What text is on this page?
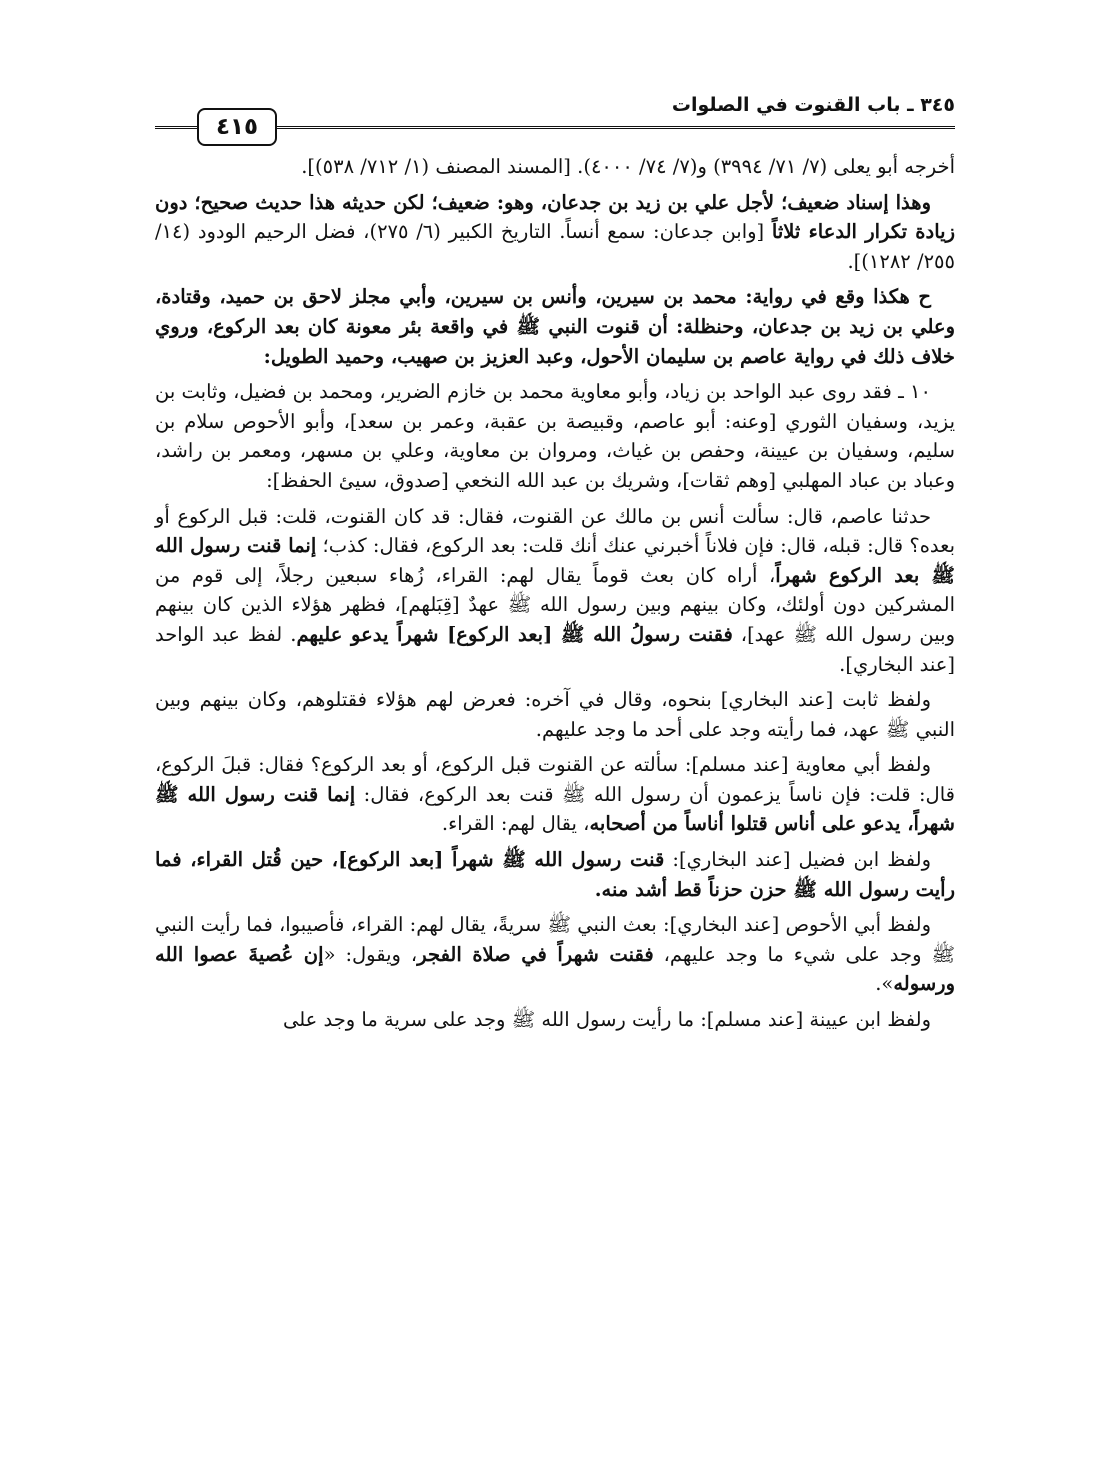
٤١٥
٣٤٥ ـ باب القنوت في الصلوات

أخرجه أبو يعلى (٧/ ٧١/ ٣٩٩٤) و(٧/ ٧٤/ ٤٠٠٠). [المسند المصنف (١/ ٧١٢/ ٥٣٨)].

وهذا إسناد ضعيف؛ لأجل علي بن زيد بن جدعان، وهو: ضعيف؛ لكن حديثه هذا حديث صحيح؛ دون زيادة تكرار الدعاء ثلاثاً [وابن جدعان: سمع أنساً. التاريخ الكبير (٦/ ٢٧٥)، فضل الرحيم الودود (١٤/ ٢٥٥/ ١٢٨٢)].

ح هكذا وقع في رواية: محمد بن سيرين، وأنس بن سيرين، وأبي مجلز لاحق بن حميد، وقتادة، وعلي بن زيد بن جدعان، وحنظلة: أن قنوت النبي ﷺ في واقعة بئر معونة كان بعد الركوع، وروي خلاف ذلك في رواية عاصم بن سليمان الأحول، وعبد العزيز بن صهيب، وحميد الطويل:

١٠ ـ فقد روى عبد الواحد بن زياد، وأبو معاوية محمد بن خازم الضرير، ومحمد بن فضيل، وثابت بن يزيد، وسفيان الثوري [وعنه: أبو عاصم، وقبيصة بن عقبة، وعمر بن سعد]، وأبو الأحوص سلام بن سليم، وسفيان بن عيينة، وحفص بن غياث، ومروان بن معاوية، وعلي بن مسهر، ومعمر بن راشد، وعباد بن عباد المهلبي [وهم ثقات]، وشريك بن عبد الله النخعي [صدوق، سيئ الحفظ]:

حدثنا عاصم، قال: سألت أنس بن مالك عن القنوت، فقال: قد كان القنوت، قلت: قبل الركوع أو بعده؟ قال: قبله، قال: فإن فلاناً أخبرني عنك أنك قلت: بعد الركوع، فقال: كذب؛ إنما قنت رسول الله ﷺ بعد الركوع شهراً، أراه كان بعث قوماً يقال لهم: القراء، زُهاء سبعين رجلاً، إلى قوم من المشركين دون أولئك، وكان بينهم وبين رسول الله ﷺ عهدٌ [قِبَلهم]، فظهر هؤلاء الذين كان بينهم وبين رسول الله ﷺ عهد]، فقنت رسولُ الله ﷺ [بعد الركوع] شهراً يدعو عليهم. لفظ عبد الواحد [عند البخاري].

ولفظ ثابت [عند البخاري] بنحوه، وقال في آخره: فعرض لهم هؤلاء فقتلوهم، وكان بينهم وبين النبي ﷺ عهد، فما رأيته وجد على أحد ما وجد عليهم.

ولفظ أبي معاوية [عند مسلم]: سألته عن القنوت قبل الركوع، أو بعد الركوع؟ فقال: قبلَ الركوع، قال: قلت: فإن ناساً يزعمون أن رسول الله ﷺ قنت بعد الركوع، فقال: إنما قنت رسول الله ﷺ شهراً، يدعو على أناس قتلوا أناساً من أصحابه، يقال لهم: القراء.

ولفظ ابن فضيل [عند البخاري]: قنت رسول الله ﷺ شهراً [بعد الركوع]، حين قُتل القراء، فما رأيت رسول الله ﷺ حزن حزناً قط أشد منه.

ولفظ أبي الأحوص [عند البخاري]: بعث النبي ﷺ سريةً، يقال لهم: القراء، فأصيبوا، فما رأيت النبي ﷺ وجد على شيء ما وجد عليهم، فقنت شهراً في صلاة الفجر، ويقول: «إن عُصيةَ عصوا الله ورسوله».

ولفظ ابن عيينة [عند مسلم]: ما رأيت رسول الله ﷺ وجد على سرية ما وجد على
